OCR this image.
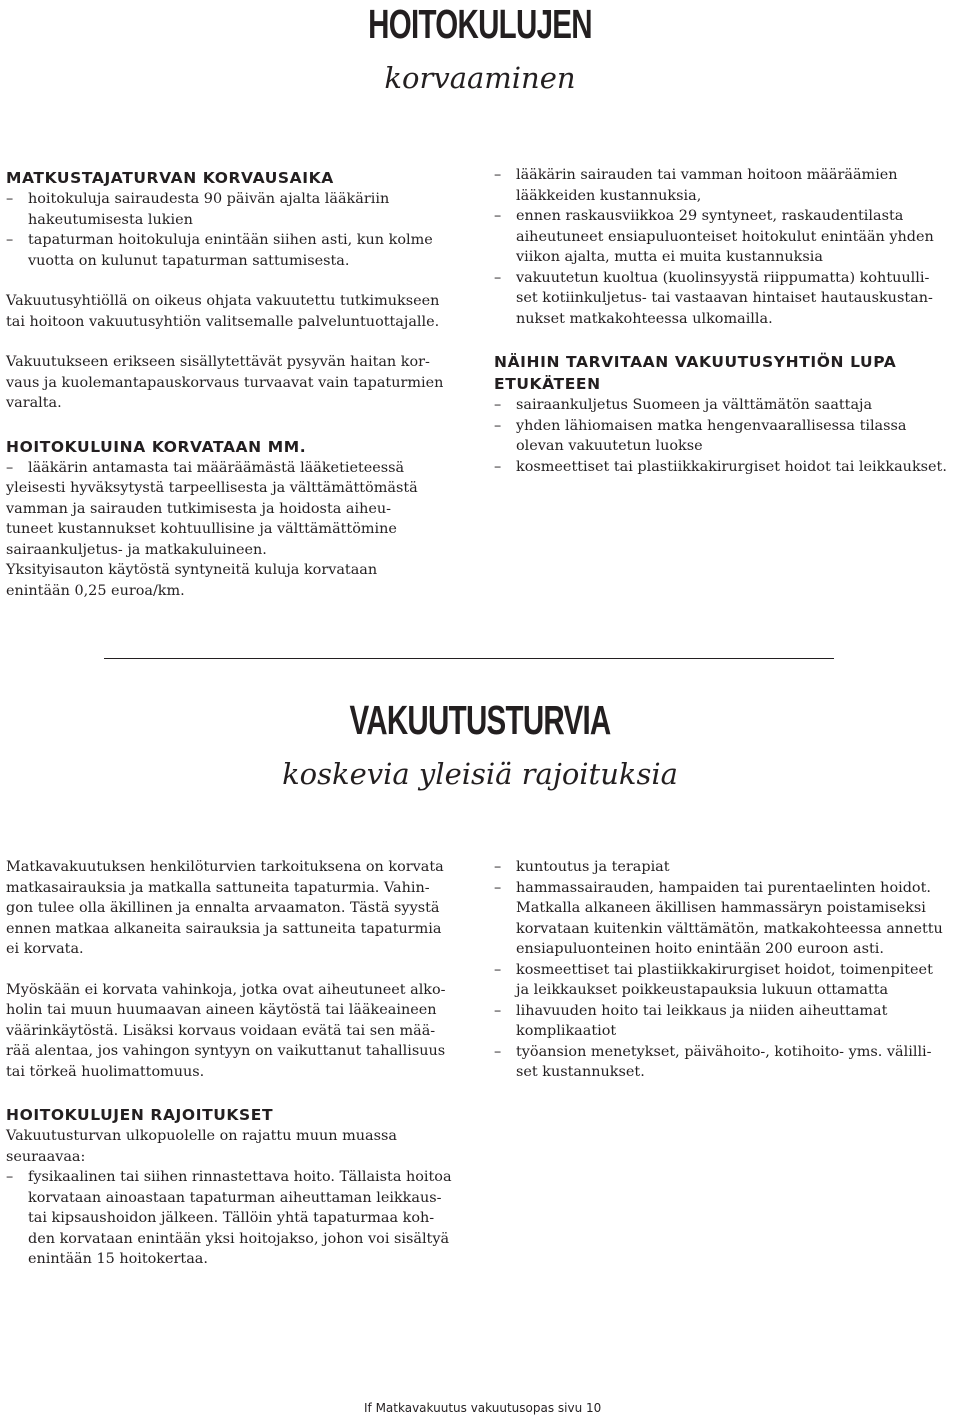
HOITOKULUJEN
korvaaminen

MATKUSTAJATURVAN KORVAUSAIKA

– hoitokuluja sairaudesta 90 päivän ajalta lääkäriin

hakeutumisesta lukien

– tapaturman hoitokuluja enintään siihen asti, kun kolme

vuotta on kulunut tapaturman sattumisesta.

Vakuutusyhtiöllä on oikeus ohjata vakuutettu tutkimukseen

tai hoitoon vakuutusyhtiön valitsemalle palveluntuottajalle.

Vakuutukseen erikseen sisällytettävät pysyvän haitan kor-

vaus ja kuolemantapauskorvaus turvaavat vain tapaturmien

varalta.

HOITOKULUINA KORVATAAN MM.

– lääkärin antamasta tai määräämästä lääketieteessä

yleisesti hyväksytystä tarpeellisesta ja välttämättömästä

vamman ja sairauden tutkimisesta ja hoidosta aiheu-

tuneet kustannukset kohtuullisine ja välttämättömine

sairaankuljetus- ja matkakuluineen.

Yksityisauton käytöstä syntyneitä kuluja korvataan

enintään 0,25 euroa/km.

– lääkärin sairauden tai vamman hoitoon määräämien

lääkkeiden kustannuksia,

– ennen raskausviikkoa 29 syntyneet, raskaudentilasta

aiheutuneet ensiapuluonteiset hoitokulut enintään yhden

viikon ajalta, mutta ei muita kustannuksia

– vakuutetun kuoltua (kuolinsyystä riippumatta) kohtuulli-

set kotiinkuljetus- tai vastaavan hintaiset hautauskustan-

nukset matkakohteessa ulkomailla.

NÄIHIN TARVITAAN VAKUUTUSYHTIÖN LUPA

ETUKÄTEEN

– sairaankuljetus Suomeen ja välttämätön saattaja

– yhden lähiomaisen matka hengenvaarallisessa tilassa

olevan vakuutetun luokse

– kosmeettiset tai plastiikkakirurgiset hoidot tai leikkaukset.

VAKUUTUSTURVIA
koskevia yleisiä rajoituksia

Matkavakuutuksen henkilöturvien tarkoituksena on korvata

matkasairauksia ja matkalla sattuneita tapaturmia. Vahin-

gon tulee olla äkillinen ja ennalta arvaamaton. Tästä syystä

ennen matkaa alkaneita sairauksia ja sattuneita tapaturmia

ei korvata.

Myöskään ei korvata vahinkoja, jotka ovat aiheutuneet alko-

holin tai muun huumaavan aineen käytöstä tai lääkeaineen

väärinkäytöstä. Lisäksi korvaus voidaan evätä tai sen mää-

rää alentaa, jos vahingon syntyyn on vaikuttanut tahallisuus

tai törkeä huolimattomuus.

HOITOKULUJEN RAJOITUKSET

Vakuutusturvan ulkopuolelle on rajattu muun muassa

seuraavaa:

– fysikaalinen tai siihen rinnastettava hoito. Tällaista hoitoa

korvataan ainoastaan tapaturman aiheuttaman leikkaus-

tai kipsaushoidon jälkeen. Tällöin yhtä tapaturmaa koh-

den korvataan enintään yksi hoitojakso, johon voi sisältyä

enintään 15 hoitokertaa.

– kuntoutus ja terapiat

– hammassairauden, hampaiden tai purentaelinten hoidot.

Matkalla alkaneen äkillisen hammassäryn poistamiseksi

korvataan kuitenkin välttämätön, matkakohteessa annettu

ensiapuluonteinen hoito enintään 200 euroon asti.

– kosmeettiset tai plastiikkakirurgiset hoidot, toimenpiteet

ja leikkaukset poikkeustapauksia lukuun ottamatta

– lihavuuden hoito tai leikkaus ja niiden aiheuttamat

komplikaatiot

– työansion menetykset, päivähoito-, kotihoito- yms. välilli-

set kustannukset.

If Matkavakuutus vakuutusopas sivu 10
